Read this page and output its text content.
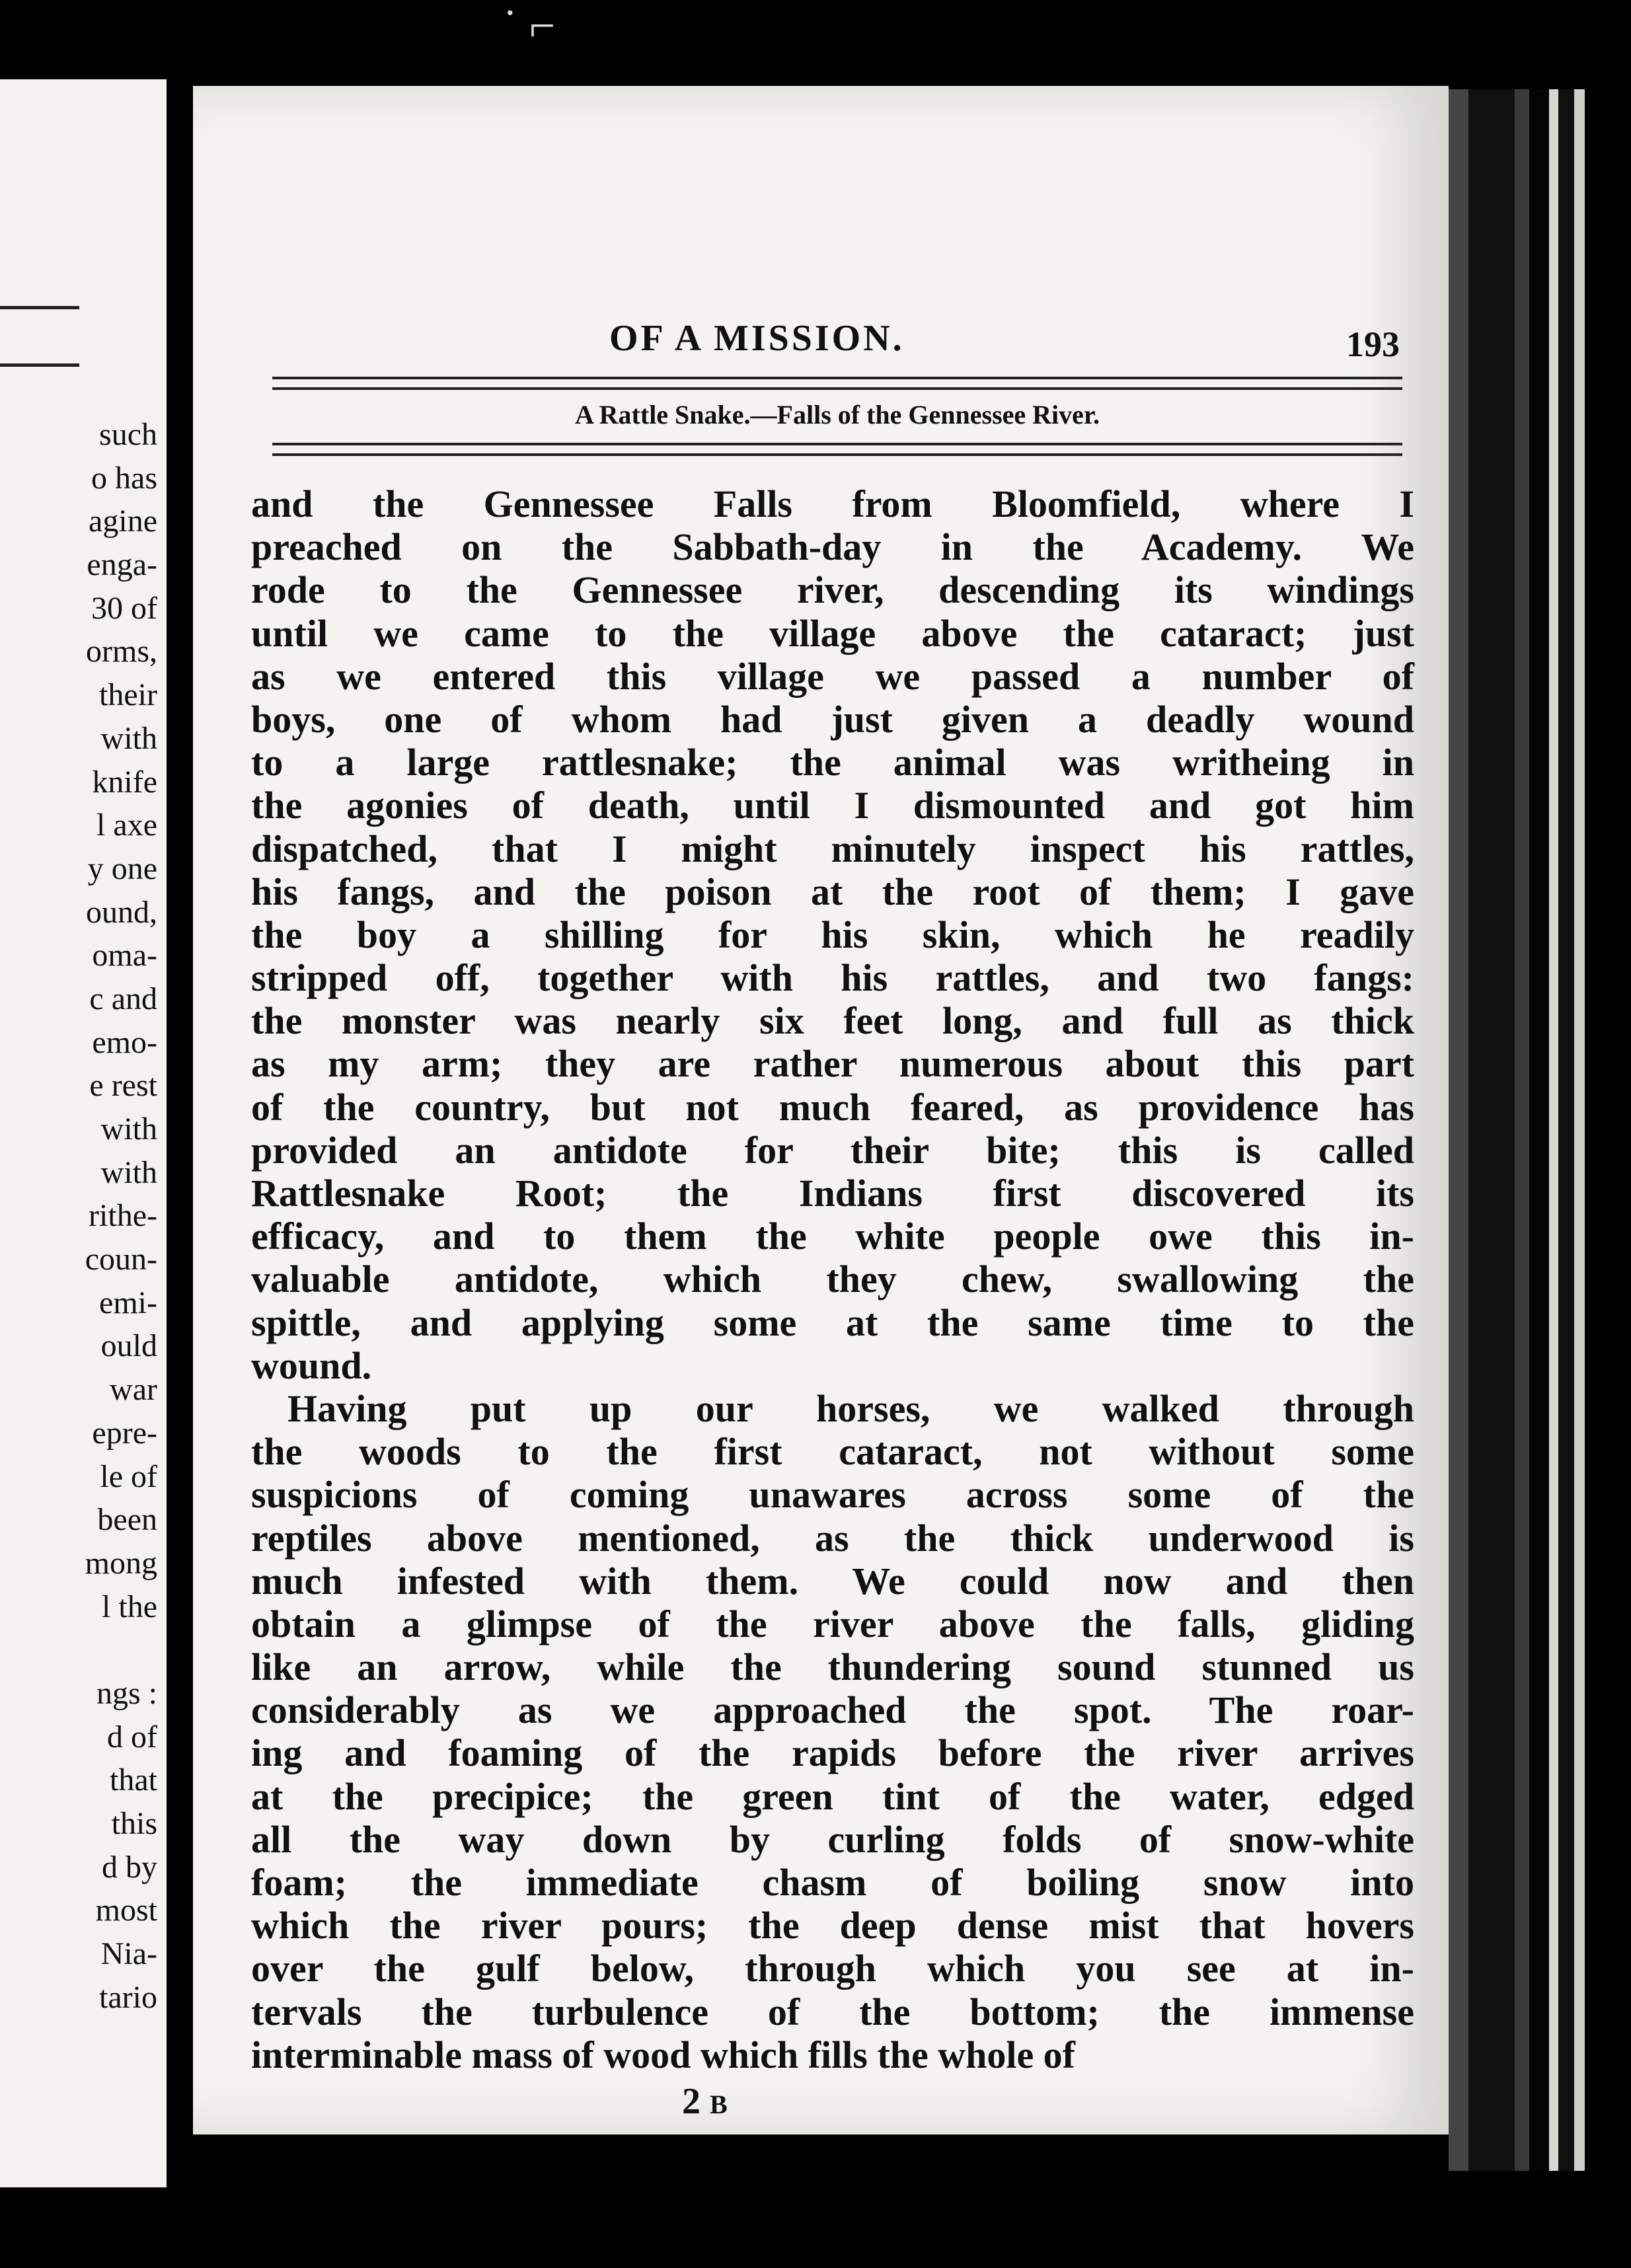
such
o has
agine
enga-
30 of
orms,
their
with
knife
l axe
y one
ound,
oma-
c and
emo-
e rest
with
with
rithe-
coun-
emi-
ould
war
epre-
le of
been
mong
l the
ngs :
d of
that
this
d by
most
Nia-
tario
˙ ⌐
OF A MISSION.	193
A Rattle Snake.—Falls of the Gennessee River.
and the Gennessee Falls from Bloomfield, where I
preached on the Sabbath-day in the Academy. We
rode to the Gennessee river, descending its windings
until we came to the village above the cataract; just
as we entered this village we passed a number of
boys, one of whom had just given a deadly wound
to a large rattlesnake; the animal was writheing in
the agonies of death, until I dismounted and got him
dispatched, that I might minutely inspect his rattles,
his fangs, and the poison at the root of them; I gave
the boy a shilling for his skin, which he readily
stripped off, together with his rattles, and two fangs:
the monster was nearly six feet long, and full as thick
as my arm; they are rather numerous about this part
of the country, but not much feared, as providence has
provided an antidote for their bite; this is called
Rattlesnake Root; the Indians first discovered its
efficacy, and to them the white people owe this in-
valuable antidote, which they chew, swallowing the
spittle, and applying some at the same time to the
wound.
Having put up our horses, we walked through
the woods to the first cataract, not without some
suspicions of coming unawares across some of the
reptiles above mentioned, as the thick underwood is
much infested with them. We could now and then
obtain a glimpse of the river above the falls, gliding
like an arrow, while the thundering sound stunned us
considerably as we approached the spot. The roar-
ing and foaming of the rapids before the river arrives
at the precipice; the green tint of the water, edged
all the way down by curling folds of snow-white
foam; the immediate chasm of boiling snow into
which the river pours; the deep dense mist that hovers
over the gulf below, through which you see at in-
tervals the turbulence of the bottom; the immense
interminable mass of wood which fills the whole of
2 B
